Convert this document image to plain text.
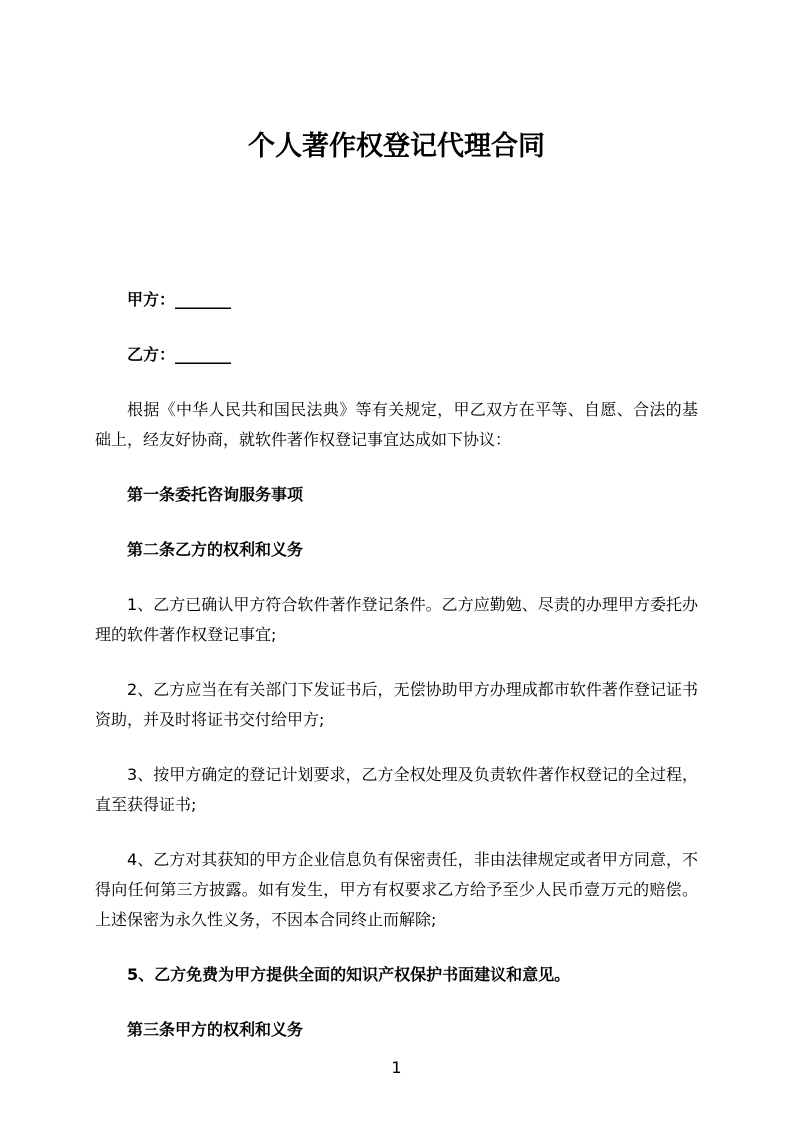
个人著作权登记代理合同

甲方：_______

乙方：_______

根据《中华人民共和国民法典》等有关规定，甲乙双方在平等、自愿、合法的基础上，经友好协商，就软件著作权登记事宜达成如下协议：

第一条委托咨询服务事项

第二条乙方的权利和义务

1、乙方已确认甲方符合软件著作登记条件。乙方应勤勉、尽责的办理甲方委托办理的软件著作权登记事宜;

2、乙方应当在有关部门下发证书后，无偿协助甲方办理成都市软件著作登记证书资助，并及时将证书交付给甲方;

3、按甲方确定的登记计划要求，乙方全权处理及负责软件著作权登记的全过程，直至获得证书;

4、乙方对其获知的甲方企业信息负有保密责任，非由法律规定或者甲方同意，不得向任何第三方披露。如有发生，甲方有权要求乙方给予至少人民币壹万元的赔偿。上述保密为永久性义务，不因本合同终止而解除;

5、乙方免费为甲方提供全面的知识产权保护书面建议和意见。

第三条甲方的权利和义务

1
